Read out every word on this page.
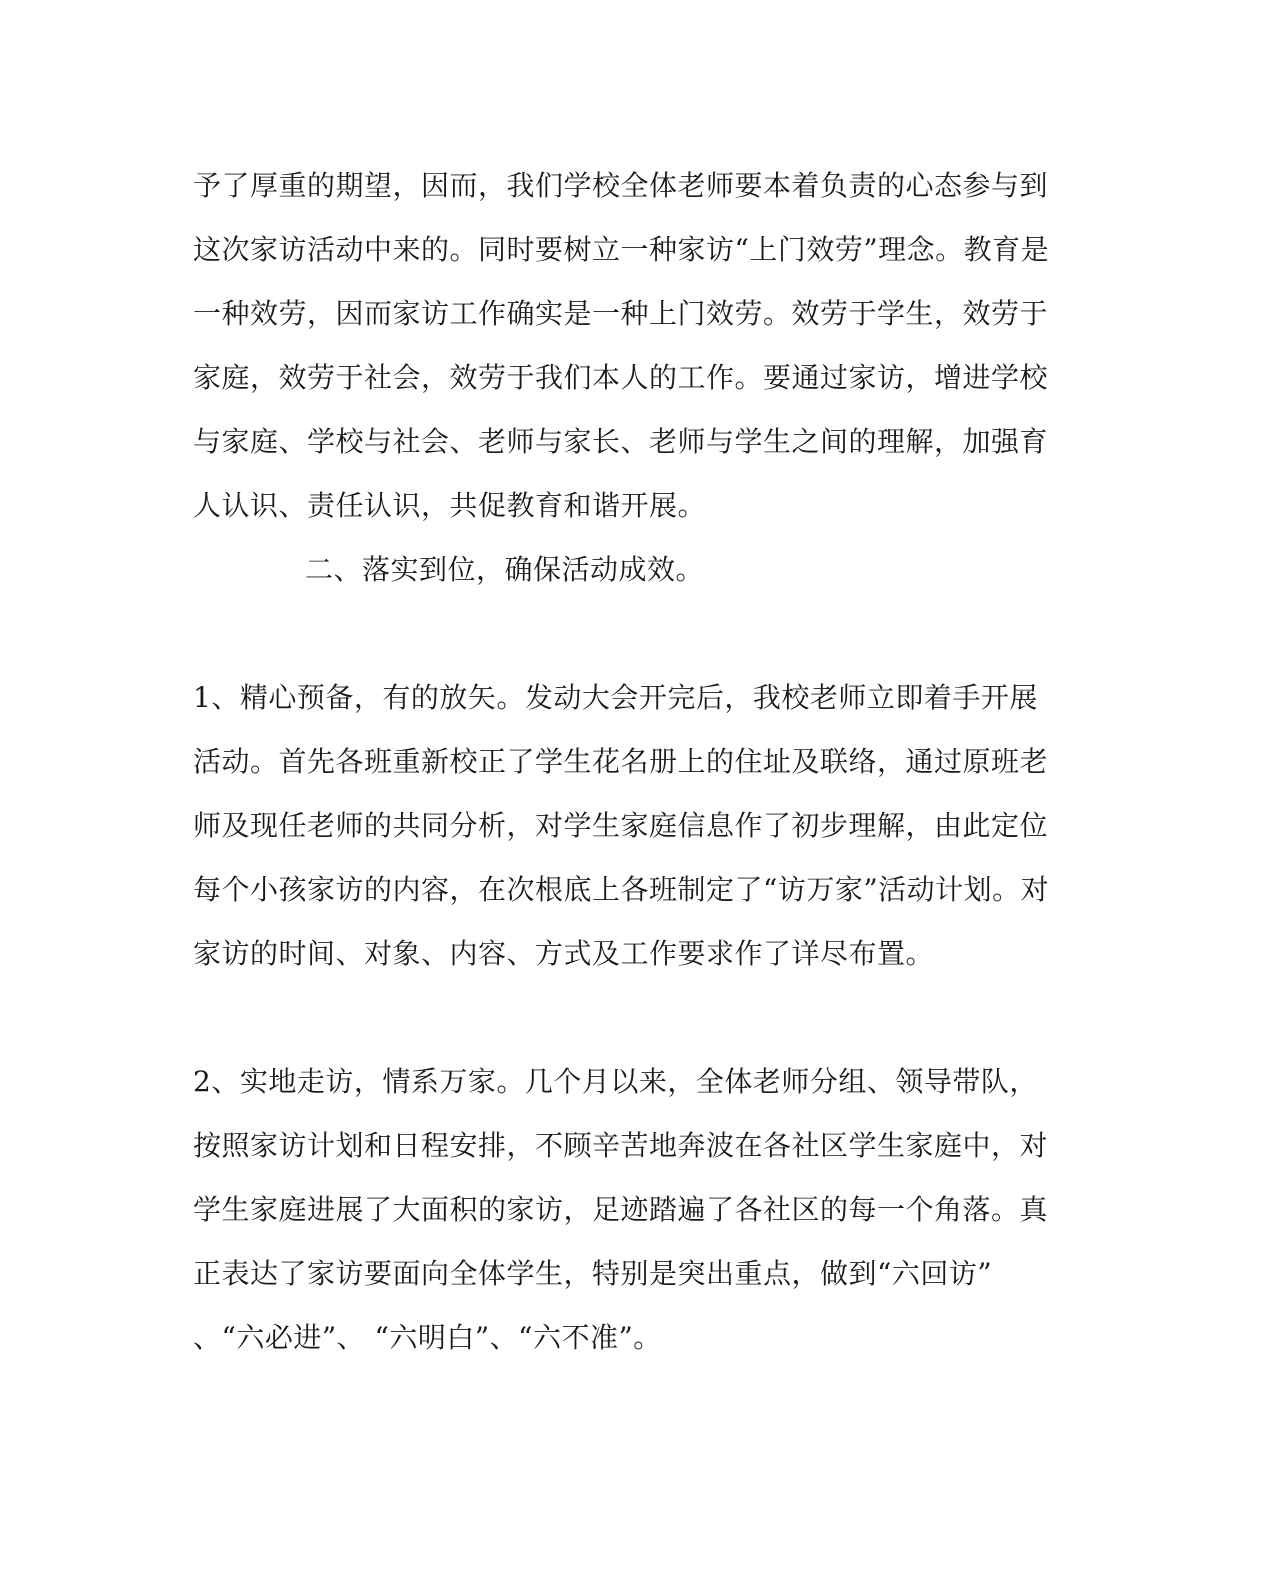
予了厚重的期望，因而，我们学校全体老师要本着负责的心态参与到
这次家访活动中来的。同时要树立一种家访“上门效劳”理念。教育是
一种效劳，因而家访工作确实是一种上门效劳。效劳于学生，效劳于
家庭，效劳于社会，效劳于我们本人的工作。要通过家访，增进学校
与家庭、学校与社会、老师与家长、老师与学生之间的理解，加强育
人认识、责任认识，共促教育和谐开展。
二、落实到位，确保活动成效。
1、精心预备，有的放矢。发动大会开完后，我校老师立即着手开展
活动。首先各班重新校正了学生花名册上的住址及联络，通过原班老
师及现任老师的共同分析，对学生家庭信息作了初步理解，由此定位
每个小孩家访的内容，在次根底上各班制定了“访万家”活动计划。对
家访的时间、对象、内容、方式及工作要求作了详尽布置。
2、实地走访，情系万家。几个月以来，全体老师分组、领导带队，
按照家访计划和日程安排，不顾辛苦地奔波在各社区学生家庭中，对
学生家庭进展了大面积的家访，足迹踏遍了各社区的每一个角落。真
正表达了家访要面向全体学生，特别是突出重点，做到“六回访”
、“六必进”、 “六明白”、“六不准”。
